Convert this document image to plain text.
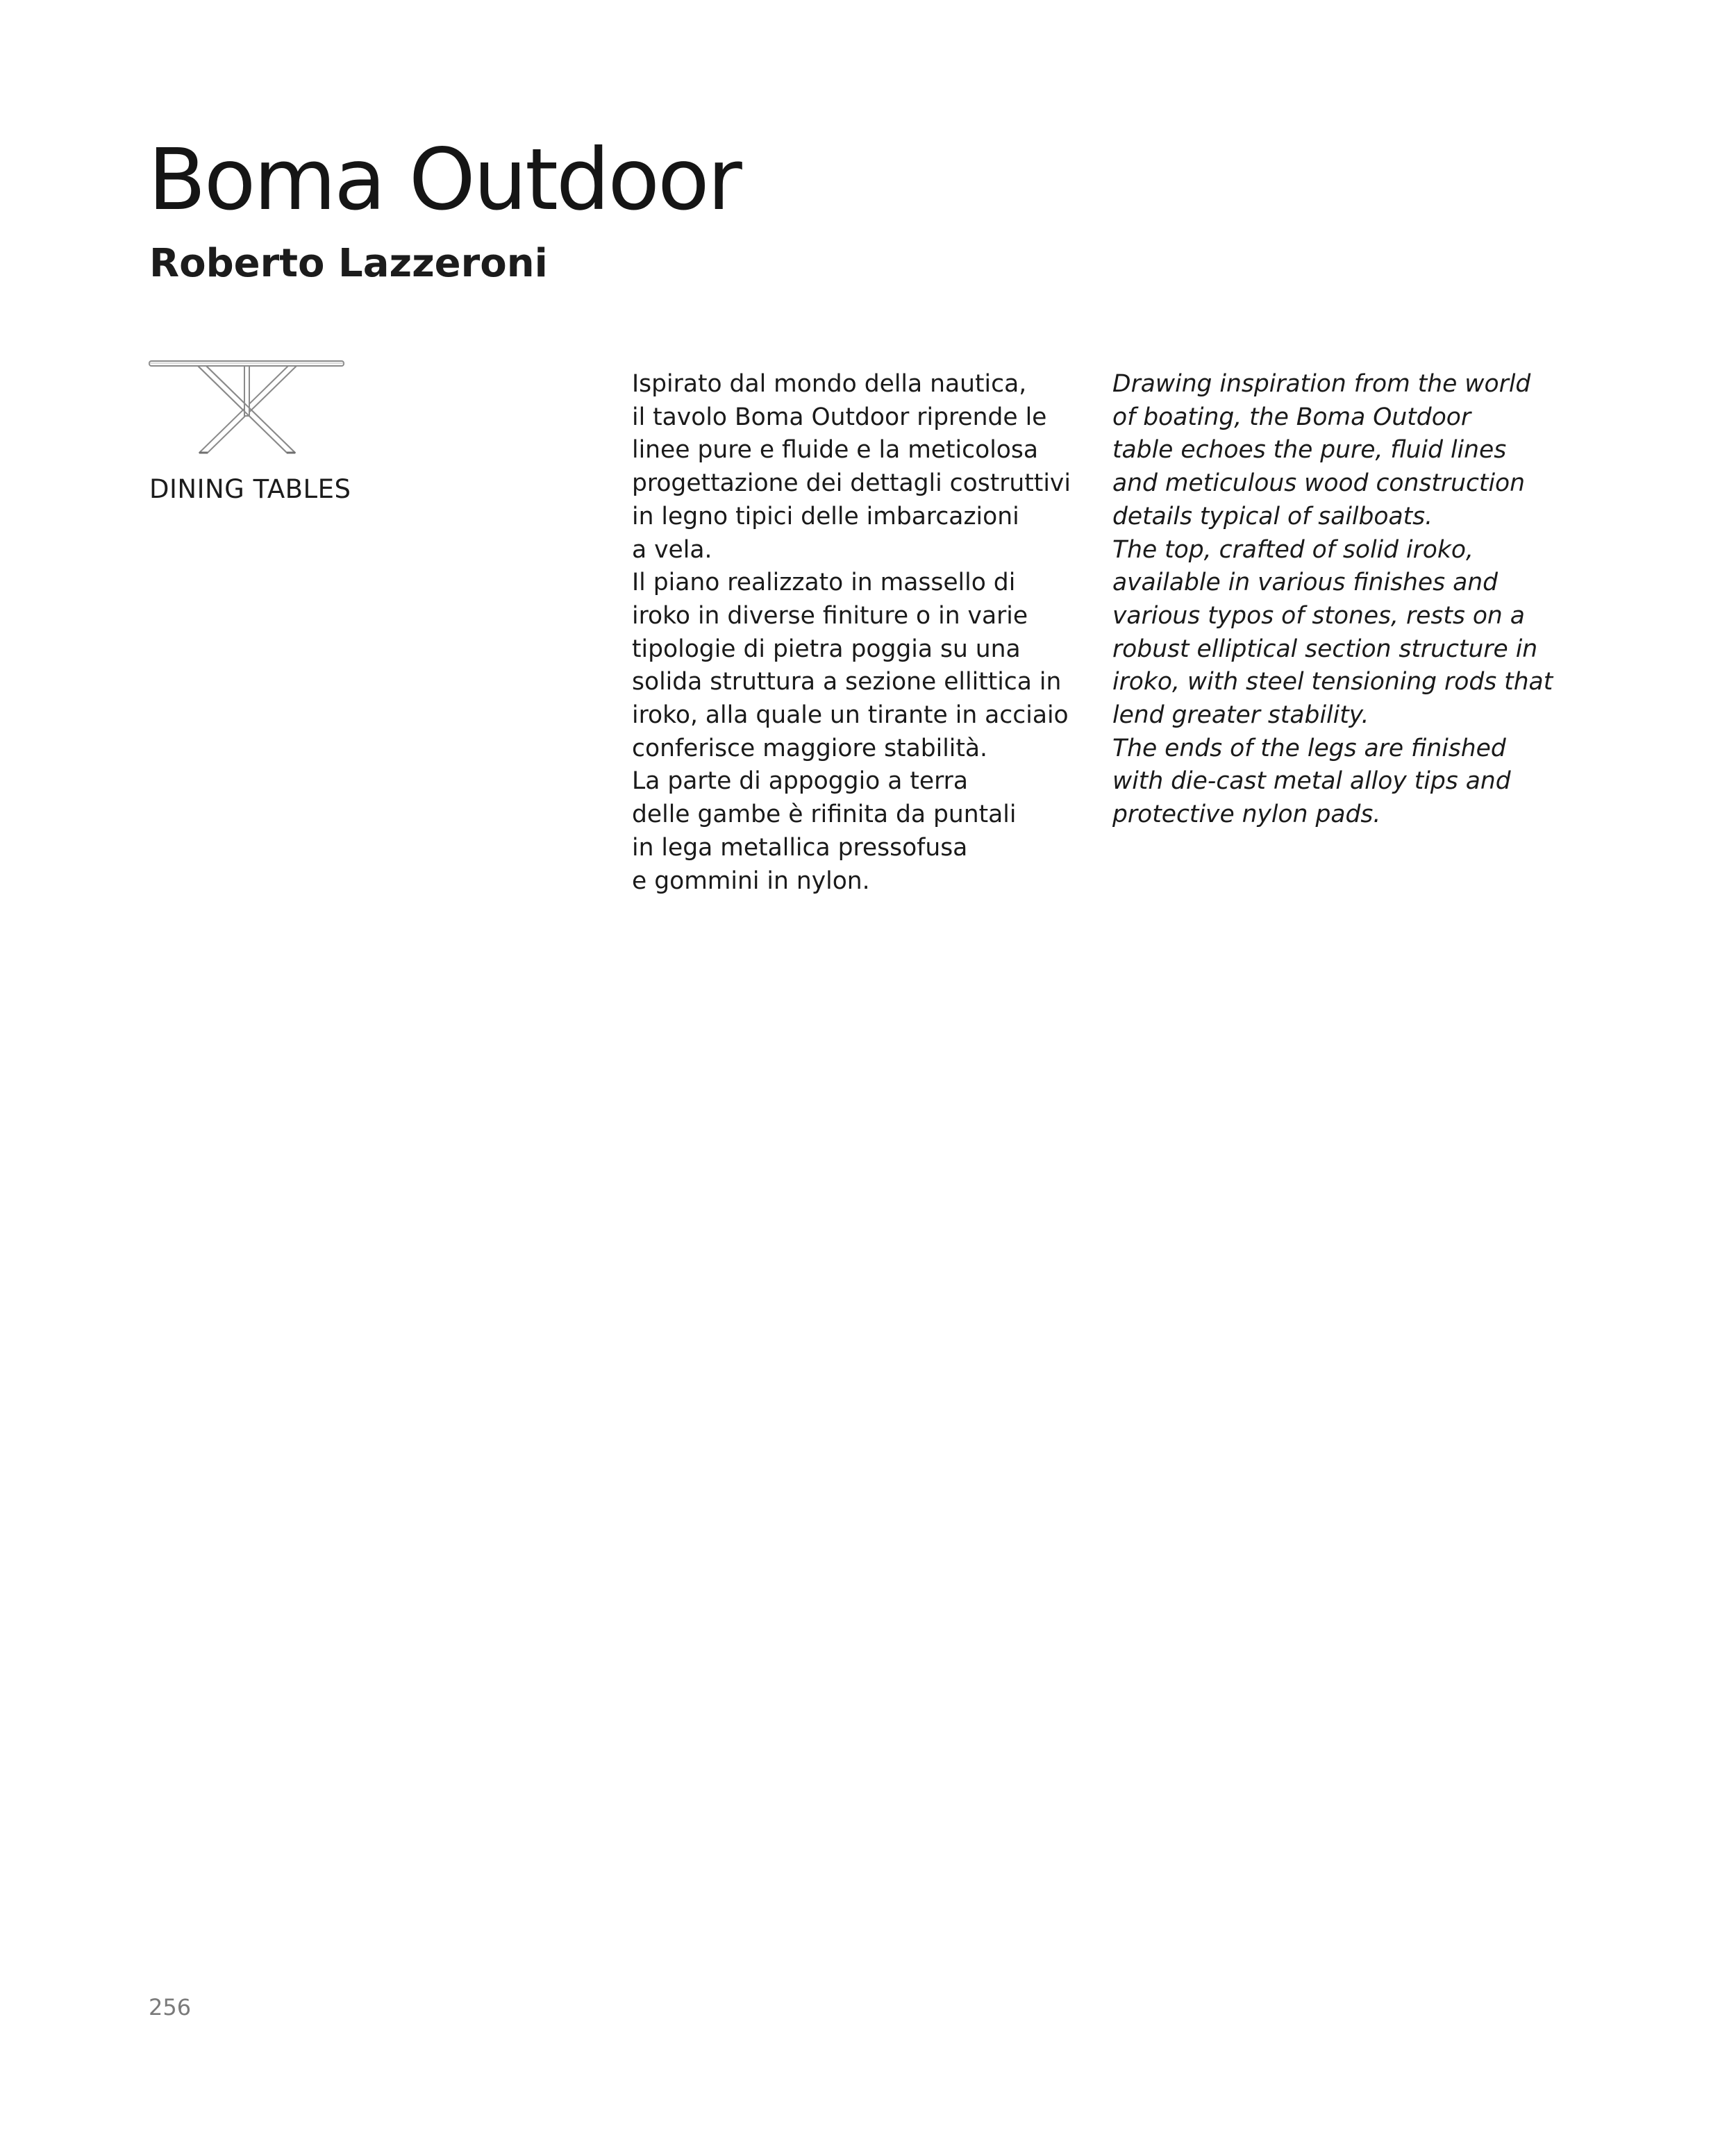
Boma Outdoor
Roberto Lazzeroni
DINING TABLES
Ispirato dal mondo della nautica,
il tavolo Boma Outdoor riprende le
linee pure e fluide e la meticolosa
progettazione dei dettagli costruttivi
in legno tipici delle imbarcazioni
a vela.
Il piano realizzato in massello di
iroko in diverse finiture o in varie
tipologie di pietra poggia su una
solida struttura a sezione ellittica in
iroko, alla quale un tirante in acciaio
conferisce maggiore stabilità.
La parte di appoggio a terra
delle gambe è rifinita da puntali
in lega metallica pressofusa
e gommini in nylon.
Drawing inspiration from the world
of boating, the Boma Outdoor
table echoes the pure, fluid lines
and meticulous wood construction
details typical of sailboats.
The top, crafted of solid iroko,
available in various finishes and
various typos of stones, rests on a
robust elliptical section structure in
iroko, with steel tensioning rods that
lend greater stability.
The ends of the legs are finished
with die-cast metal alloy tips and
protective nylon pads.
256
